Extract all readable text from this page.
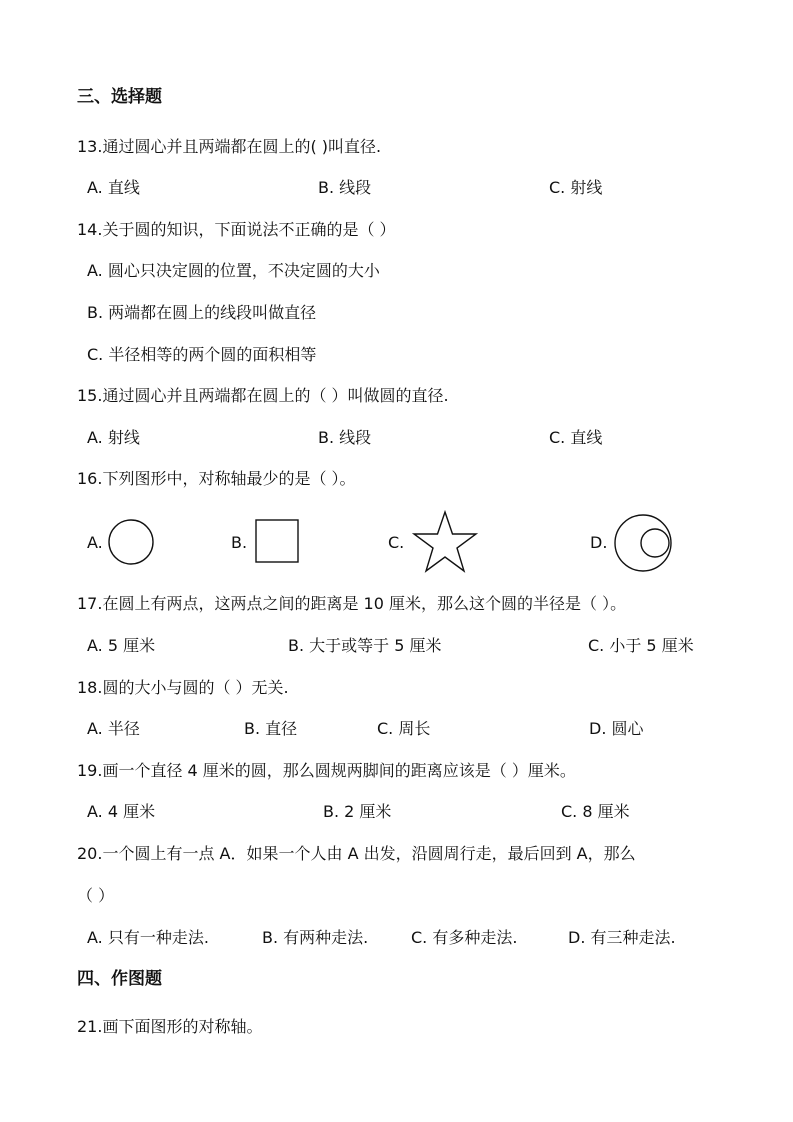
三、选择题
13.通过圆心并且两端都在圆上的( )叫直径.
A. 直线	B. 线段	C. 射线
14.关于圆的知识，下面说法不正确的是（ ）
A. 圆心只决定圆的位置，不决定圆的大小
B. 两端都在圆上的线段叫做直径
C. 半径相等的两个圆的面积相等
15.通过圆心并且两端都在圆上的（ ）叫做圆的直径.
A. 射线	B. 线段	C. 直线
16.下列图形中，对称轴最少的是（ ）。
A.	B.	C.	D.
17.在圆上有两点，这两点之间的距离是 10 厘米，那么这个圆的半径是（ ）。
A. 5 厘米	B. 大于或等于 5 厘米	C. 小于 5 厘米
18.圆的大小与圆的（ ）无关.
A. 半径	B. 直径	C. 周长	D. 圆心
19.画一个直径 4 厘米的圆，那么圆规两脚间的距离应该是（ ）厘米。
A. 4 厘米	B. 2 厘米	C. 8 厘米
20.一个圆上有一点 A．如果一个人由 A 出发，沿圆周行走，最后回到 A，那么
（ ）
A. 只有一种走法.	B. 有两种走法.	C. 有多种走法.	D. 有三种走法.
四、作图题
21.画下面图形的对称轴。
